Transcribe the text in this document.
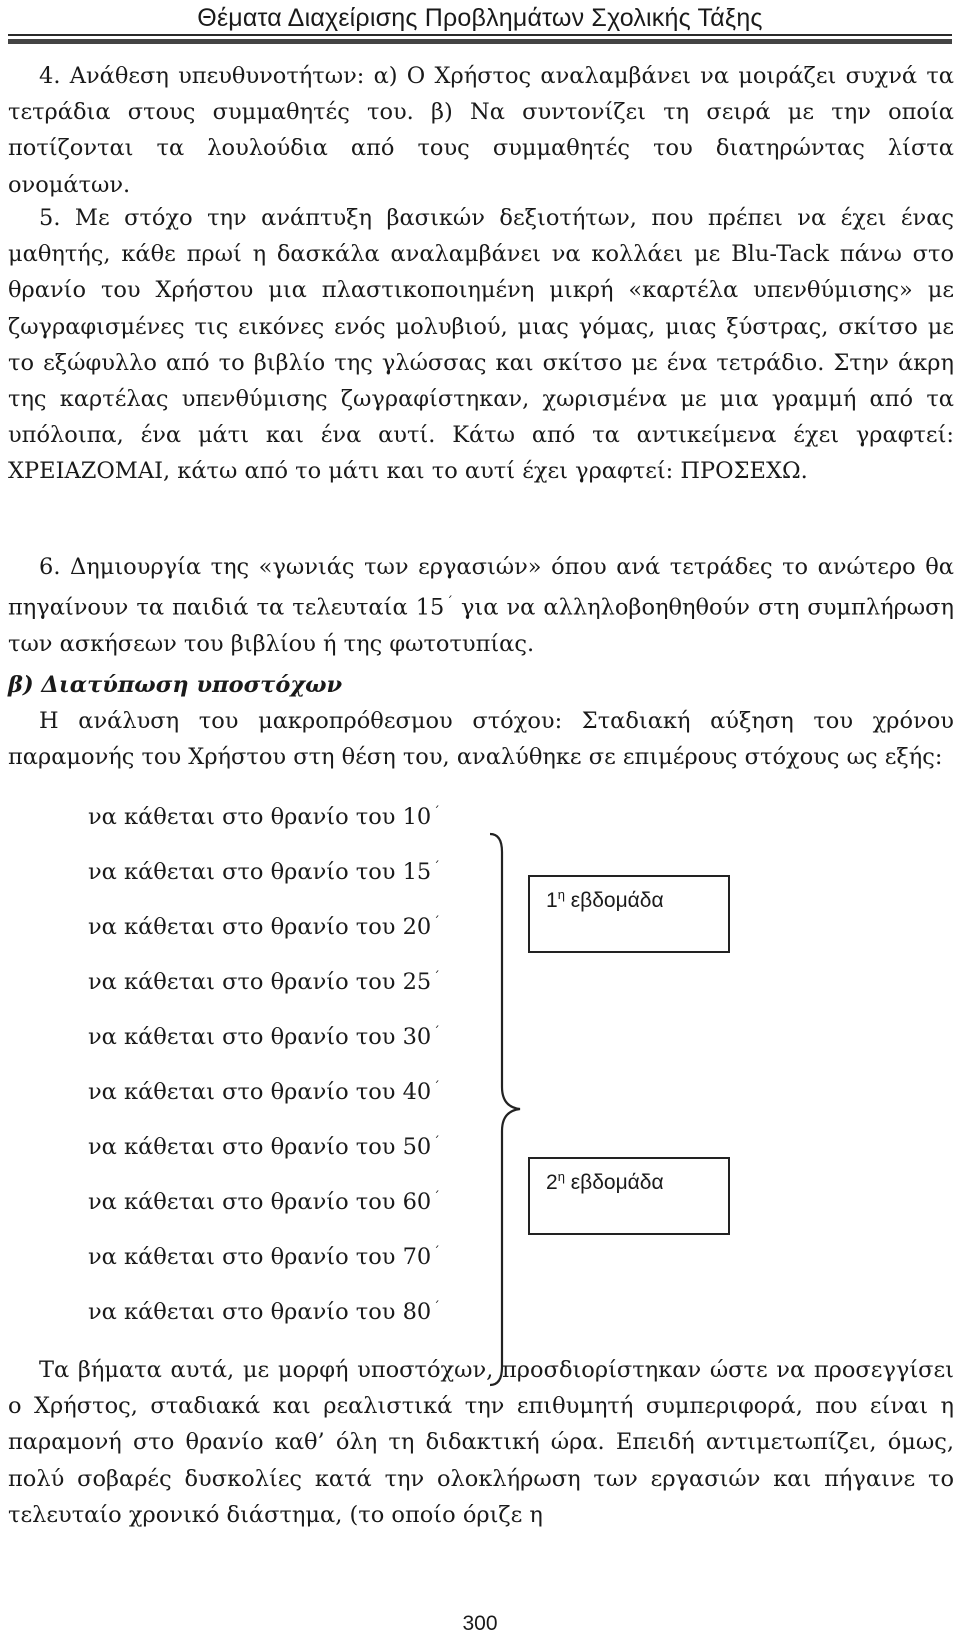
Θέματα Διαχείρισης Προβλημάτων Σχολικής Τάξης

4. Ανάθεση υπευθυνοτήτων: α) Ο Χρήστος αναλαμβάνει να μοιράζει συχνά τα τετράδια στους συμμαθητές του. β) Να συντονίζει τη σειρά με την οποία ποτίζονται τα λουλούδια από τους συμμαθητές του διατηρώντας λίστα ονομάτων.

5. Με στόχο την ανάπτυξη βασικών δεξιοτήτων, που πρέπει να έχει ένας μαθητής, κάθε πρωί η δασκάλα αναλαμβάνει να κολλάει με Blu-Tack πάνω στο θρανίο του Χρήστου μια πλαστικοποιημένη μικρή «καρτέλα υπενθύμισης» με ζωγραφισμένες τις εικόνες ενός μολυβιού, μιας γόμας, μιας ξύστρας, σκίτσο με το εξώφυλλο από το βιβλίο της γλώσσας και σκίτσο με ένα τετράδιο. Στην άκρη της καρτέλας υπενθύμισης ζωγραφίστηκαν, χωρισμένα με μια γραμμή από τα υπόλοιπα, ένα μάτι και ένα αυτί. Κάτω από τα αντικείμενα έχει γραφτεί: ΧΡΕΙΑΖΟΜΑΙ, κάτω από το μάτι και το αυτί έχει γραφτεί: ΠΡΟΣΕΧΩ.

6. Δημιουργία της «γωνιάς των εργασιών» όπου ανά τετράδες το ανώτερο θα πηγαίνουν τα παιδιά τα τελευταία 15 ΄ για να αλληλοβοηθηθούν στη συμπλήρωση των ασκήσεων του βιβλίου ή της φωτοτυπίας.

β) Διατύπωση υποστόχων

Η ανάλυση του μακροπρόθεσμου στόχου: Σταδιακή αύξηση του χρόνου παραμονής του Χρήστου στη θέση του, αναλύθηκε σε επιμέρους στόχους ως εξής:

να κάθεται στο θρανίο του 10 ΄
να κάθεται στο θρανίο του 15 ΄
να κάθεται στο θρανίο του 20 ΄
να κάθεται στο θρανίο του 25 ΄
να κάθεται στο θρανίο του 30 ΄
να κάθεται στο θρανίο του 40 ΄
να κάθεται στο θρανίο του 50 ΄
να κάθεται στο θρανίο του 60 ΄
να κάθεται στο θρανίο του 70 ΄
να κάθεται στο θρανίο του 80 ΄
$1^\eta$ εβδομάδα
$2^\eta$ εβδομάδα

Τα βήματα αυτά, με μορφή υποστόχων, προσδιορίστηκαν ώστε να προσεγγίσει ο Χρήστος, σταδιακά και ρεαλιστικά την επιθυμητή συμπεριφορά, που είναι η παραμονή στο θρανίο καθ’ όλη τη διδακτική ώρα. Επειδή αντιμετωπίζει, όμως, πολύ σοβαρές δυσκολίες κατά την ολοκλήρωση των εργασιών και πήγαινε το τελευταίο χρονικό διάστημα, (το οποίο όριζε η

300
